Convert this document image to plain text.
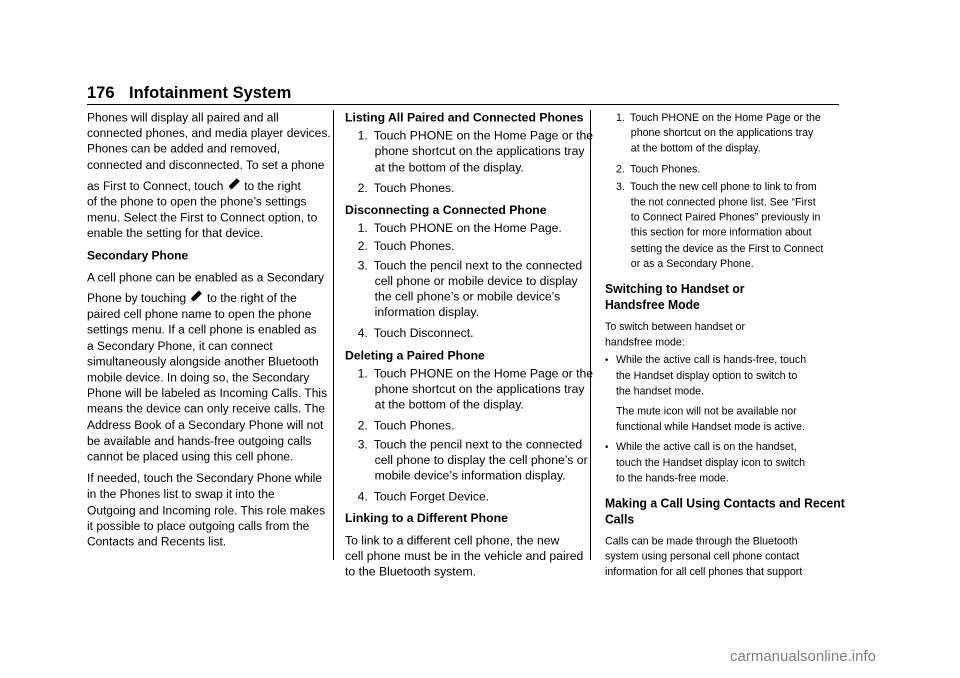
176 Infotainment System
Phones will display all paired and all
connected phones, and media player devices.
Phones can be added and removed,
connected and disconnected. To set a phone
as First to Connect, touch to the right
of the phone to open the phone’s settings
menu. Select the First to Connect option, to
enable the setting for that device.
Secondary Phone
A cell phone can be enabled as a Secondary
Phone by touching to the right of the
paired cell phone name to open the phone
settings menu. If a cell phone is enabled as
a Secondary Phone, it can connect
simultaneously alongside another Bluetooth
mobile device. In doing so, the Secondary
Phone will be labeled as Incoming Calls. This
means the device can only receive calls. The
Address Book of a Secondary Phone will not
be available and hands-free outgoing calls
cannot be placed using this cell phone.
If needed, touch the Secondary Phone while
in the Phones list to swap it into the
Outgoing and Incoming role. This role makes
it possible to place outgoing calls from the
Contacts and Recents list.
Listing All Paired and Connected Phones
1. Touch PHONE on the Home Page or the
phone shortcut on the applications tray
at the bottom of the display.
2. Touch Phones.
Disconnecting a Connected Phone
1. Touch PHONE on the Home Page.
2. Touch Phones.
3. Touch the pencil next to the connected
cell phone or mobile device to display
the cell phone’s or mobile device’s
information display.
4. Touch Disconnect.
Deleting a Paired Phone
1. Touch PHONE on the Home Page or the
phone shortcut on the applications tray
at the bottom of the display.
2. Touch Phones.
3. Touch the pencil next to the connected
cell phone to display the cell phone’s or
mobile device’s information display.
4. Touch Forget Device.
Linking to a Different Phone
To link to a different cell phone, the new
cell phone must be in the vehicle and paired
to the Bluetooth system.
1. Touch PHONE on the Home Page or the
phone shortcut on the applications tray
at the bottom of the display.
2. Touch Phones.
3. Touch the new cell phone to link to from
the not connected phone list. See “First
to Connect Paired Phones” previously in
this section for more information about
setting the device as the First to Connect
or as a Secondary Phone.
Switching to Handset or
Handsfree Mode
To switch between handset or
handsfree mode:
• While the active call is hands-free, touch
the Handset display option to switch to
the handset mode.
The mute icon will not be available nor
functional while Handset mode is active.
• While the active call is on the handset,
touch the Handset display icon to switch
to the hands-free mode.
Making a Call Using Contacts and Recent
Calls
Calls can be made through the Bluetooth
system using personal cell phone contact
information for all cell phones that support
carmanualsonline.info
